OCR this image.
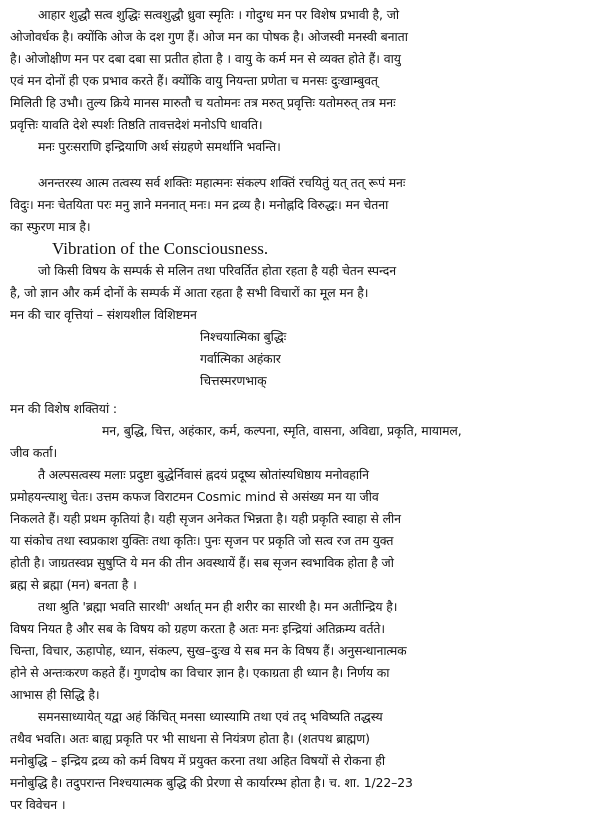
आहार शुद्धौ सत्व शुद्धिः सत्वशुद्धौ ध्रुवा स्मृतिः । गोदुग्ध मन पर विशेष प्रभावी है, जो
ओजोवर्धक है। क्योंकि ओज के दश गुण हैं। ओज मन का पोषक है। ओजस्वी मनस्वी बनाता
है। ओजोक्षीण मन पर दबा दबा सा प्रतीत होता है । वायु के कर्म मन से व्यक्त होते हैं। वायु
एवं मन दोनों ही एक प्रभाव करते हैं। क्योंकि वायु नियन्ता प्रणेता च मनसः दुःखाम्बुवत्
मिलिती हि उभौ। तुल्य क्रिये मानस मारुतौ च यतोमनः तत्र मरुत् प्रवृत्तिः यतोमरुत् तत्र मनः
प्रवृत्तिः यावति देशे स्पर्शः तिष्ठति तावत्तदेशं मनोऽपि धावति।
मनः पुरःसराणि इन्द्रियाणि अर्थ संग्रहणे समर्थानि भवन्ति।
अनन्तरस्य आत्म तत्वस्य सर्व शक्तिः महात्मनः संकल्प शक्तिं रचयितुं यत् तत् रूपं मनः
विदुः। मनः चेतयिता परः मनु ज्ञाने मननात् मनः। मन द्रव्य है। मनोह्नदि विरुद्धः। मन चेतना
का स्फुरण मात्र है।
Vibration of the Consciousness.
जो किसी विषय के सम्पर्क से मलिन तथा परिवर्तित होता रहता है यही चेतन स्पन्दन
है, जो ज्ञान और कर्म दोनों के सम्पर्क में आता रहता है सभी विचारों का मूल मन है।
मन की चार वृत्तियां – संशयशील विशिष्टमन
निश्चयात्मिका बुद्धिः
गर्वात्मिका अहंकार
चित्तस्मरणभाक्
मन की विशेष शक्तियां :
मन, बुद्धि, चित्त, अहंकार, कर्म, कल्पना, स्मृति, वासना, अविद्या, प्रकृति, मायामल,
जीव कर्ता।
तै अल्पसत्वस्य मलाः प्रदुष्टा बुद्धेर्निवासं ह्नदयं प्रदूष्य स्रोतांस्यधिष्ठाय मनोवहानि
प्रमोहयन्त्याशु चेतः। उत्तम कफज विराटमन Cosmic mind से असंख्य मन या जीव
निकलते हैं। यही प्रथम कृतियां है। यही सृजन अनेकत भिन्नता है। यही प्रकृति स्वाहा से लीन
या संकोच तथा स्वप्रकाश युक्तिः तथा कृतिः। पुनः सृजन पर प्रकृति जो सत्व रज तम युक्त
होती है। जाग्रतस्वप्न सुषुप्ति ये मन की तीन अवस्थायें हैं। सब सृजन स्वभाविक होता है जो
ब्रह्म से ब्रह्मा (मन) बनता है ।
तथा श्रुति 'ब्रह्मा भवति सारथी' अर्थात् मन ही शरीर का सारथी है। मन अतीन्द्रिय है।
विषय नियत है और सब के विषय को ग्रहण करता है अतः मनः इन्द्रियां अतिक्रम्य वर्तते।
चिन्ता, विचार, ऊहापोह, ध्यान, संकल्प, सुख–दुःख ये सब मन के विषय हैं। अनुसन्धानात्मक
होने से अन्तःकरण कहते हैं। गुणदोष का विचार ज्ञान है। एकाग्रता ही ध्यान है। निर्णय का
आभास ही सिद्धि है।
समनसाध्यायेत् यद्वा अहं किंचित् मनसा ध्यास्यामि तथा एवं तद् भविष्यति तद्धस्य
तथैव भवति। अतः बाह्य प्रकृति पर भी साधना से नियंत्रण होता है। (शतपथ ब्राह्मण)
मनोबुद्धि – इन्द्रिय द्रव्य को कर्म विषय में प्रयुक्त करना तथा अहित विषयों से रोकना ही
मनोबुद्धि है। तदुपरान्त निश्चयात्मक बुद्धि की प्रेरणा से कार्यारम्भ होता है। च. शा. 1/22–23
पर विवेचन ।
